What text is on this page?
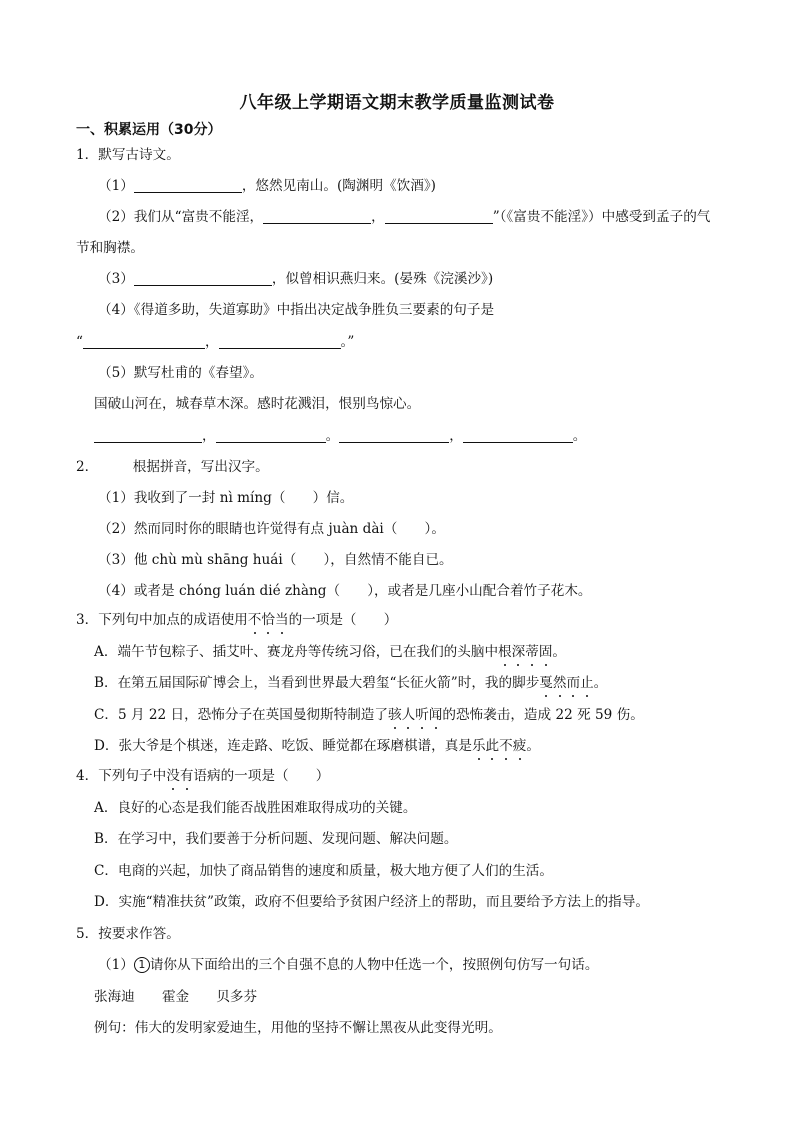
八年级上学期语文期末教学质量监测试卷
一、积累运用（30分）
1．默写古诗文。
（1）	，悠然见南山。(陶渊明《饮酒》)
（2）我们从“富贵不能淫，	，	”（《富贵不能淫》）中感受到孟子的气
节和胸襟。
（3）	，似曾相识燕归来。(晏殊《浣溪沙》)
（4）《得道多助，失道寡助》中指出决定战争胜负三要素的句子是
“	，	。”
（5）默写杜甫的《春望》。
国破山河在，城春草木深。感时花溅泪，恨别鸟惊心。
，	。	，	。
2．        根据拼音，写出汉字。
（1）我收到了一封 nì míng（　　）信。
（2）然而同时你的眼睛也许觉得有点 juàn dài（　　）。
（3）他 chù mù shāng huái（　　），自然情不能自已。
（4）或者是 chóng luán dié zhàng（　　），或者是几座小山配合着竹子花木。
3．下列句中加点的成语使用不恰当的一项是（　　）
A．端午节包粽子、插艾叶、赛龙舟等传统习俗，已在我们的头脑中根深蒂固。
B．在第五届国际矿博会上，当看到世界最大碧玺“长征火箭”时，我的脚步戛然而止。
C．5 月 22 日，恐怖分子在英国曼彻斯特制造了骇人听闻的恐怖袭击，造成 22 死 59 伤。
D．张大爷是个棋迷，连走路、吃饭、睡觉都在琢磨棋谱，真是乐此不疲。
4．下列句子中没有语病的一项是（　　）
A．良好的心态是我们能否战胜困难取得成功的关键。
B．在学习中，我们要善于分析问题、发现问题、解决问题。
C．电商的兴起，加快了商品销售的速度和质量，极大地方便了人们的生活。
D．实施“精准扶贫”政策，政府不但要给予贫困户经济上的帮助，而且要给予方法上的指导。
5．按要求作答。
（1） 1 请你从下面给出的三个自强不息的人物中任选一个，按照例句仿写一句话。
张海迪　　霍金　　贝多芬
例句：伟大的发明家爱迪生，用他的坚持不懈让黑夜从此变得光明。
